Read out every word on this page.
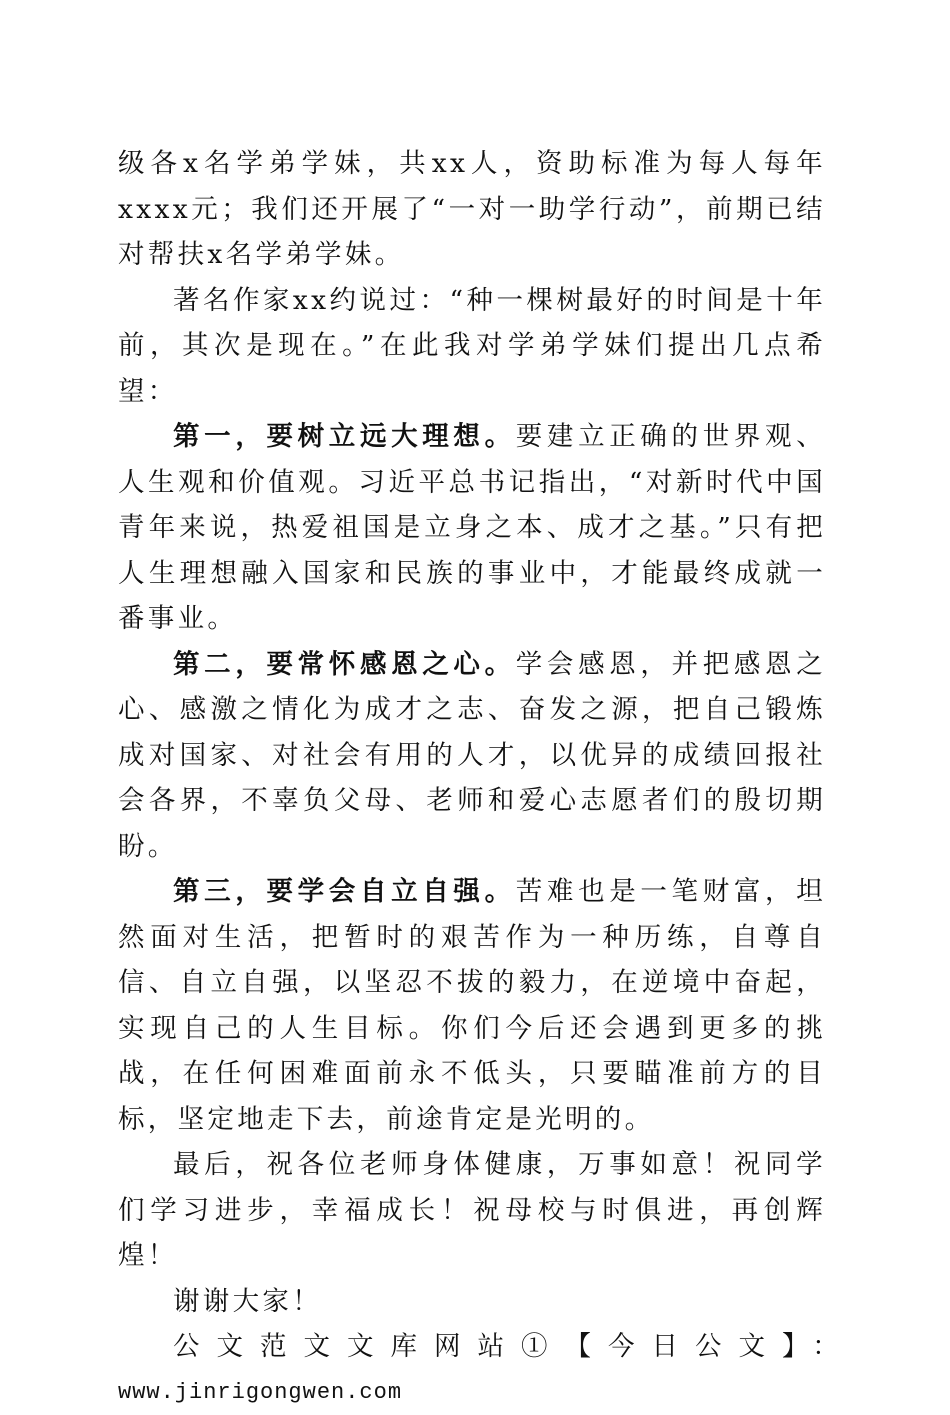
级各x名学弟学妹，共xx人，资助标准为每人每年xxxx元；我们还开展了“一对一助学行动”，前期已结对帮扶x名学弟学妹。

著名作家xx约说过：“种一棵树最好的时间是十年前，其次是现在。”在此我对学弟学妹们提出几点希望：

第一，要树立远大理想。要建立正确的世界观、人生观和价值观。习近平总书记指出，“对新时代中国青年来说，热爱祖国是立身之本、成才之基。”只有把人生理想融入国家和民族的事业中，才能最终成就一番事业。

第二，要常怀感恩之心。学会感恩，并把感恩之心、感激之情化为成才之志、奋发之源，把自己锻炼成对国家、对社会有用的人才，以优异的成绩回报社会各界，不辜负父母、老师和爱心志愿者们的殷切期盼。

第三，要学会自立自强。苦难也是一笔财富，坦然面对生活，把暂时的艰苦作为一种历练，自尊自信、自立自强，以坚忍不拔的毅力，在逆境中奋起，实现自己的人生目标。你们今后还会遇到更多的挑战，在任何困难面前永不低头，只要瞄准前方的目标，坚定地走下去，前途肯定是光明的。

最后，祝各位老师身体健康，万事如意！祝同学们学习进步，幸福成长！祝母校与时俱进，再创辉煌！

谢谢大家！

公文范文文库网站①【今日公文】：

www.jinrigongwen.com
